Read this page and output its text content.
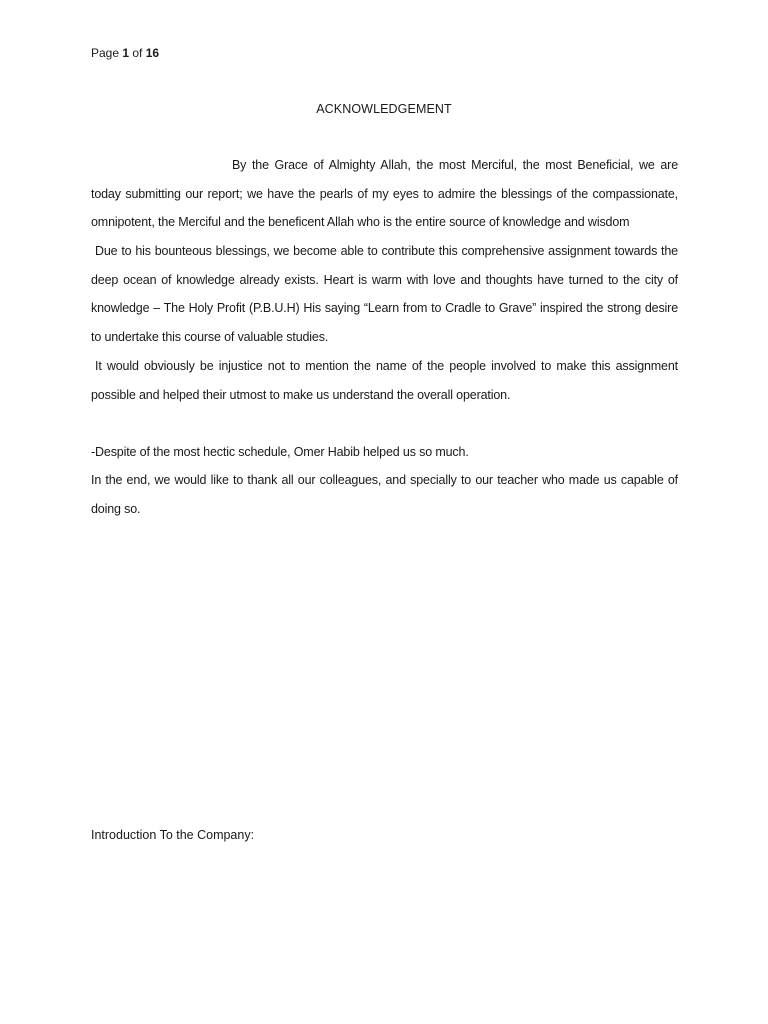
Page 1 of 16
ACKNOWLEDGEMENT

By the Grace of Almighty Allah, the most Merciful, the most Beneficial, we are today submitting our report; we have the pearls of my eyes to admire the blessings of the compassionate, omnipotent, the Merciful and the beneficent Allah who is the entire source of knowledge and wisdom

Due to his bounteous blessings, we become able to contribute this comprehensive assignment towards the deep ocean of knowledge already exists. Heart is warm with love and thoughts have turned to the city of knowledge – The Holy Profit (P.B.U.H) His saying “Learn from to Cradle to Grave” inspired the strong desire to undertake this course of valuable studies.

It would obviously be injustice not to mention the name of the people involved to make this assignment possible and helped their utmost to make us understand the overall operation.

-Despite of the most hectic schedule, Omer Habib helped us so much.

In the end, we would like to thank all our colleagues, and specially to our teacher who made us capable of doing so.

Introduction To the Company:
